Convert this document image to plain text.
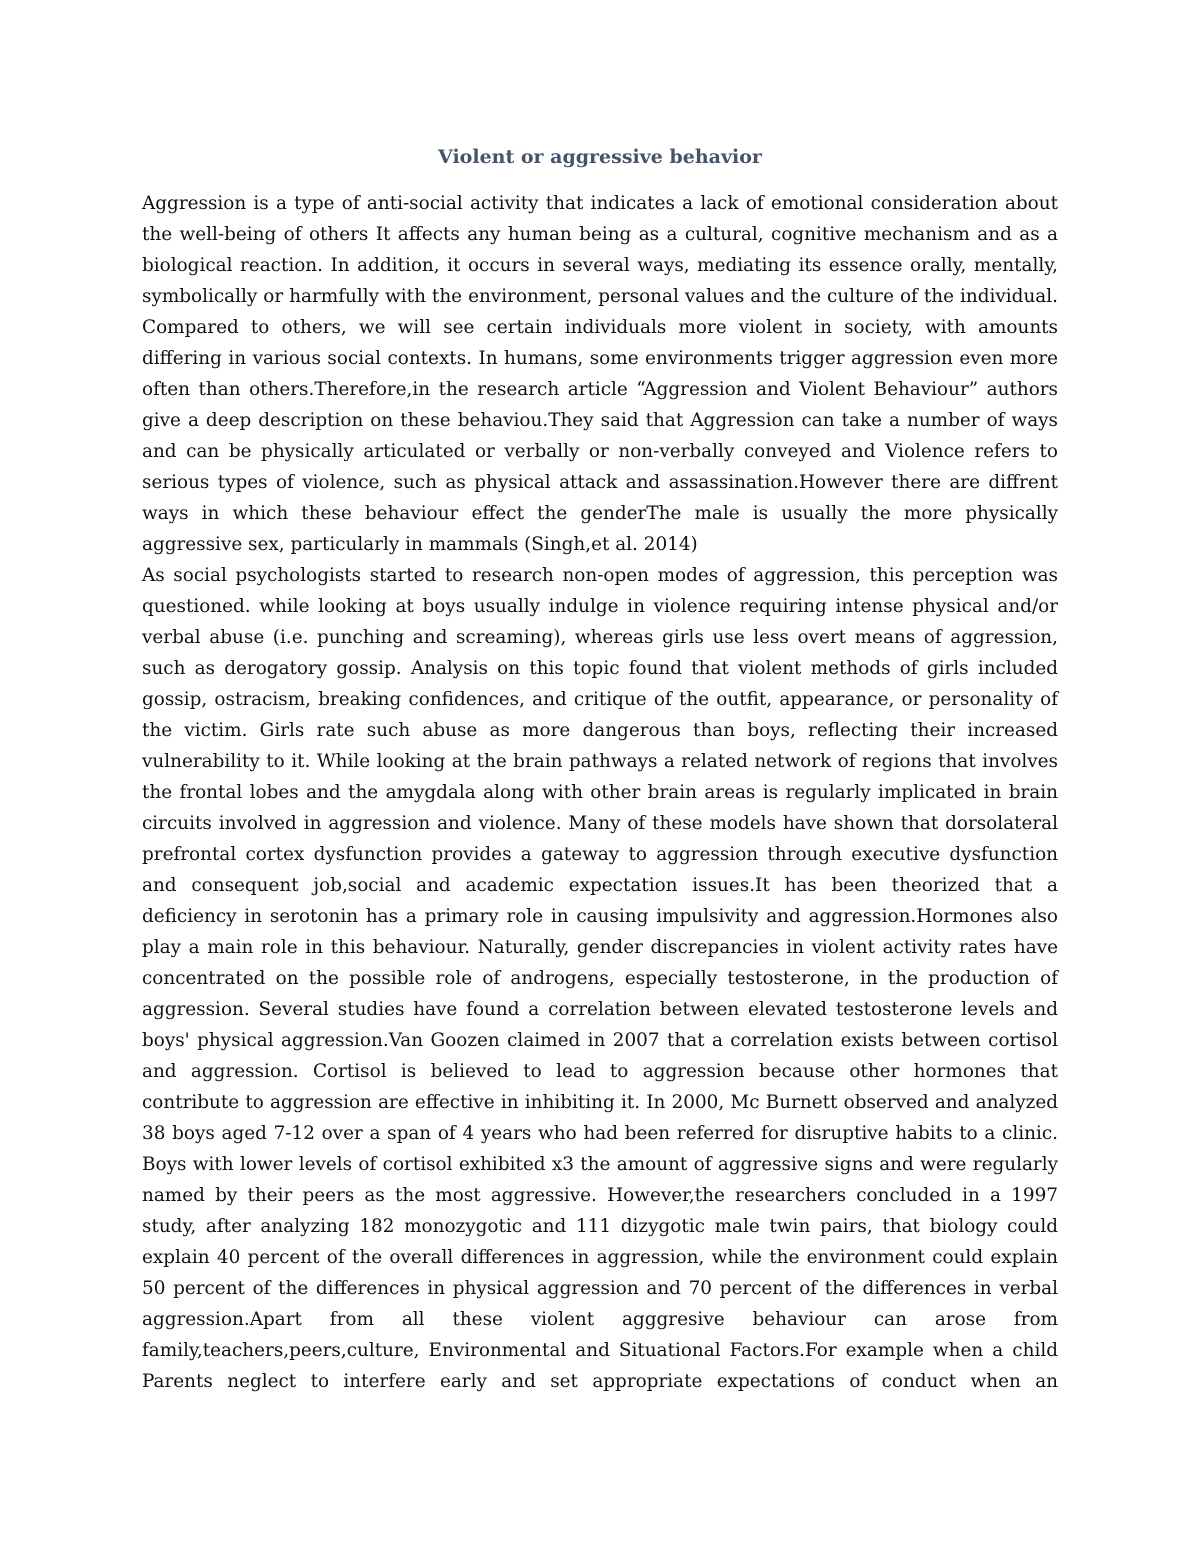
Violent or aggressive behavior

Aggression is a type of anti-social activity that indicates a lack of emotional consideration about the well-being of others It affects any human being as a cultural, cognitive mechanism and as a biological reaction. In addition, it occurs in several ways, mediating its essence orally, mentally, symbolically or harmfully with the environment, personal values and the culture of the individual. Compared to others, we will see certain individuals more violent in society, with amounts differing in various social contexts. In humans, some environments trigger aggression even more often than others.Therefore,in the research article “Aggression and Violent Behaviour” authors give a deep description on these behaviou.They said that Aggression can take a number of ways and can be physically articulated or verbally or non-verbally conveyed and Violence refers to serious types of violence, such as physical attack and assassination.However there are diffrent ways in which these behaviour effect the genderThe male is usually the more physically aggressive sex, particularly in mammals (Singh,et al. 2014)

As social psychologists started to research non-open modes of aggression, this perception was questioned. while looking at boys usually indulge in violence requiring intense physical and/or verbal abuse (i.e. punching and screaming), whereas girls use less overt means of aggression, such as derogatory gossip. Analysis on this topic found that violent methods of girls included gossip, ostracism, breaking confidences, and critique of the outfit, appearance, or personality of the victim. Girls rate such abuse as more dangerous than boys, reflecting their increased vulnerability to it. While looking at the brain pathways a related network of regions that involves the frontal lobes and the amygdala along with other brain areas is regularly implicated in brain circuits involved in aggression and violence. Many of these models have shown that dorsolateral prefrontal cortex dysfunction provides a gateway to aggression through executive dysfunction and consequent job,social and academic expectation issues.It has been theorized that a deficiency in serotonin has a primary role in causing impulsivity and aggression.Hormones also play a main role in this behaviour. Naturally, gender discrepancies in violent activity rates have concentrated on the possible role of androgens, especially testosterone, in the production of aggression. Several studies have found a correlation between elevated testosterone levels and boys' physical aggression.Van Goozen claimed in 2007 that a correlation exists between cortisol and aggression. Cortisol is believed to lead to aggression because other hormones that contribute to aggression are effective in inhibiting it. In 2000, Mc Burnett observed and analyzed 38 boys aged 7-12 over a span of 4 years who had been referred for disruptive habits to a clinic. Boys with lower levels of cortisol exhibited x3 the amount of aggressive signs and were regularly named by their peers as the most aggressive. However,the researchers concluded in a 1997 study, after analyzing 182 monozygotic and 111 dizygotic male twin pairs, that biology could explain 40 percent of the overall differences in aggression, while the environment could explain 50 percent of the differences in physical aggression and 70 percent of the differences in verbal aggression.Apart from all these violent agggresive behaviour can arose from family,teachers,peers,culture, Environmental and Situational Factors.For example when a child Parents neglect to interfere early and set appropriate expectations of conduct when an
